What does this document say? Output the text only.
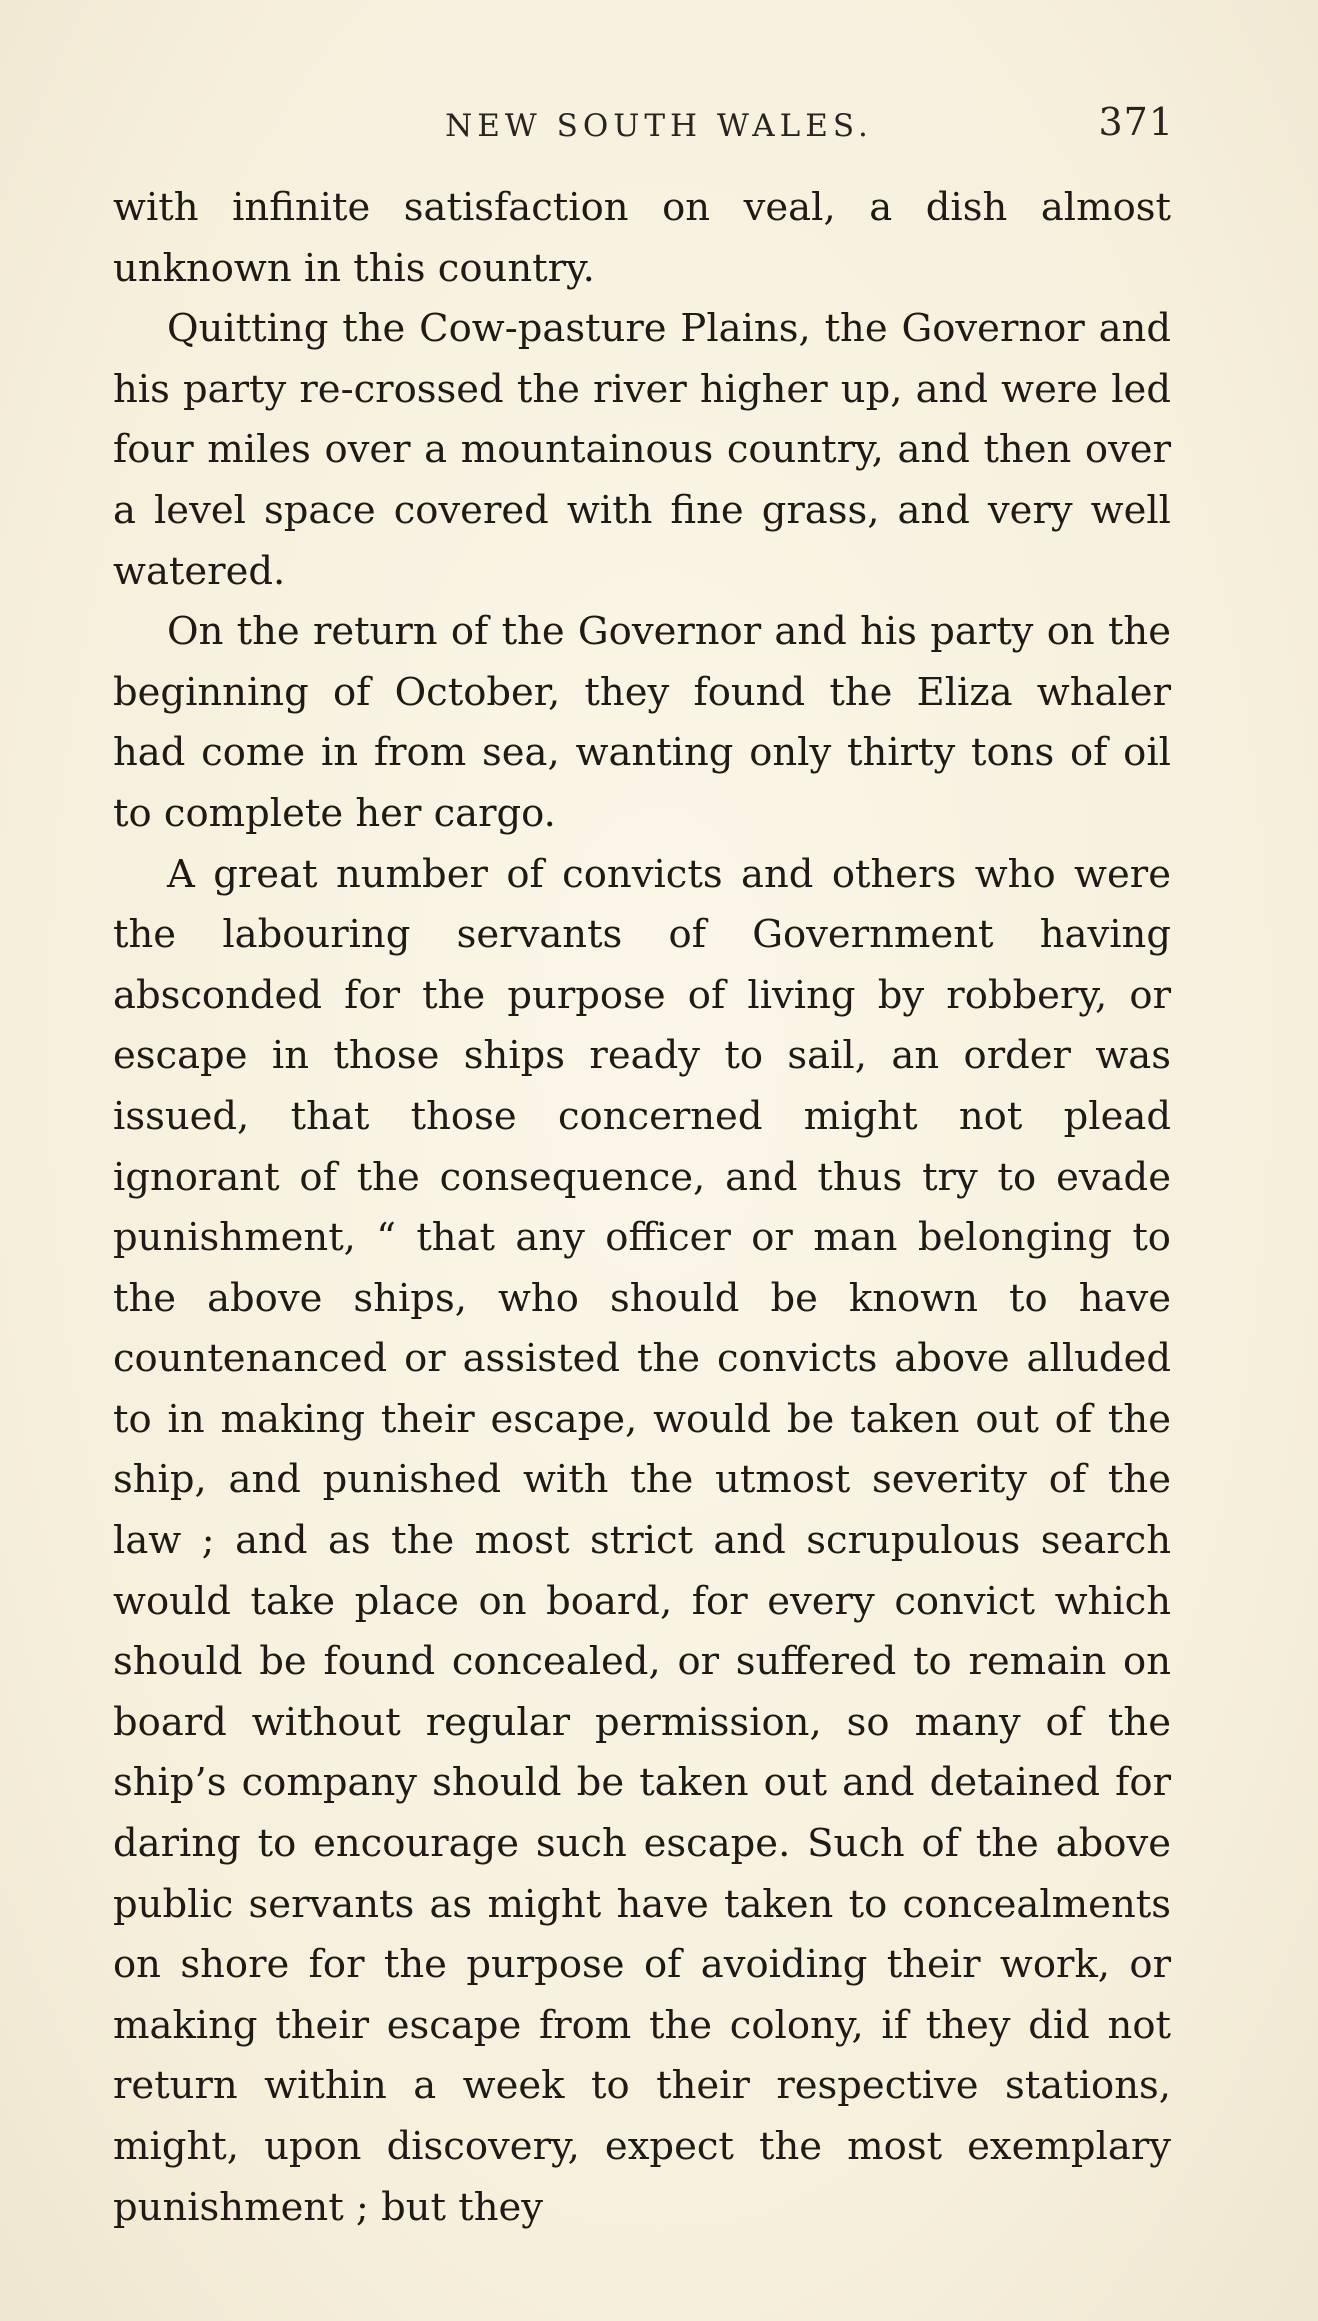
NEW SOUTH WALES.	371

with infinite satisfaction on veal, a dish almost unknown in this country.

Quitting the Cow-pasture Plains, the Governor and his party re-crossed the river higher up, and were led four miles over a mountainous country, and then over a level space covered with fine grass, and very well watered.

On the return of the Governor and his party on the beginning of October, they found the Eliza whaler had come in from sea, wanting only thirty tons of oil to complete her cargo.

A great number of convicts and others who were the labouring servants of Government having absconded for the purpose of living by robbery, or escape in those ships ready to sail, an order was issued, that those concerned might not plead ignorant of the consequence, and thus try to evade punishment, “ that any officer or man belonging to the above ships, who should be known to have countenanced or assisted the convicts above alluded to in making their escape, would be taken out of the ship, and punished with the utmost severity of the law ; and as the most strict and scrupulous search would take place on board, for every convict which should be found concealed, or suffered to remain on board without regular permission, so many of the ship’s company should be taken out and detained for daring to encourage such escape. Such of the above public servants as might have taken to concealments on shore for the purpose of avoiding their work, or making their escape from the colony, if they did not return within a week to their respective stations, might, upon discovery, expect the most exemplary punishment ; but they
